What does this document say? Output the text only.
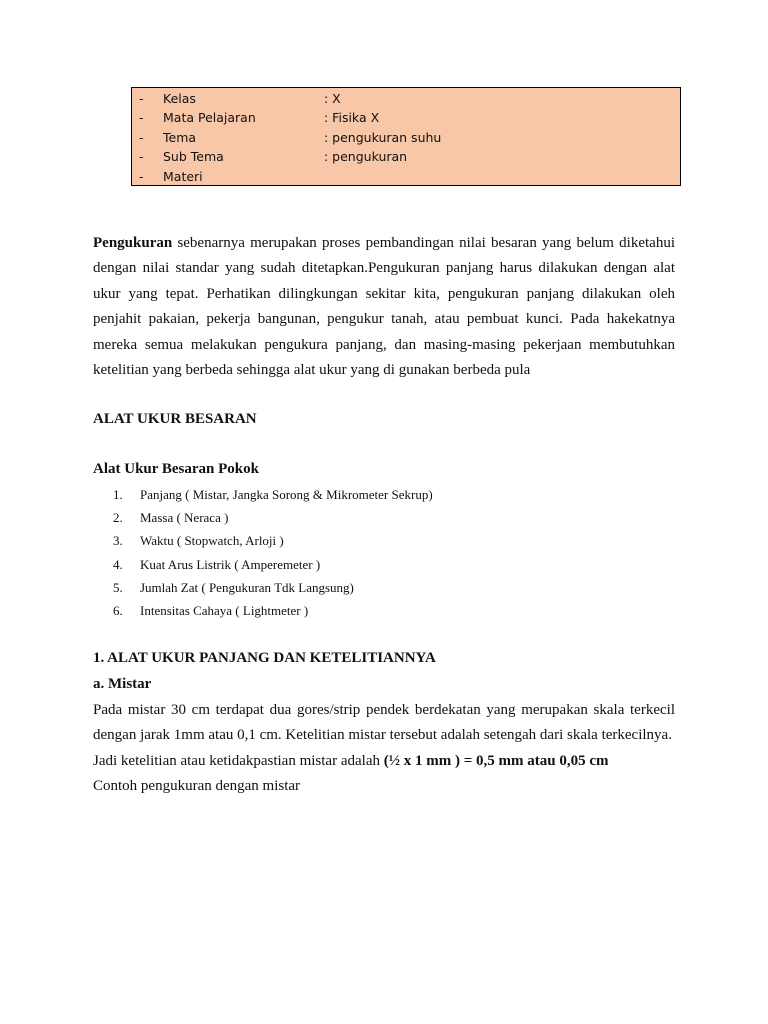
- Kelas	: X
- Mata Pelajaran	: Fisika X
- Tema	: pengukuran suhu
- Sub Tema	: pengukuran
- Materi
Pengukuran sebenarnya merupakan proses pembandingan nilai besaran yang belum diketahui dengan nilai standar yang sudah ditetapkan.Pengukuran panjang harus dilakukan dengan alat ukur yang tepat. Perhatikan dilingkungan sekitar kita, pengukuran panjang dilakukan oleh penjahit pakaian, pekerja bangunan, pengukur tanah, atau pembuat kunci. Pada hakekatnya mereka semua melakukan pengukura panjang, dan masing-masing pekerjaan membutuhkan ketelitian yang berbeda sehingga alat ukur yang di gunakan berbeda pula
ALAT UKUR BESARAN
Alat Ukur Besaran Pokok
1. Panjang ( Mistar, Jangka Sorong & Mikrometer Sekrup)
2. Massa ( Neraca )
3. Waktu ( Stopwatch, Arloji )
4. Kuat Arus Listrik ( Amperemeter )
5. Jumlah Zat ( Pengukuran Tdk Langsung)
6. Intensitas Cahaya ( Lightmeter )
1. ALAT UKUR PANJANG DAN KETELITIANNYA
a. Mistar
Pada mistar 30 cm terdapat dua gores/strip pendek berdekatan yang merupakan skala terkecil dengan jarak 1mm atau 0,1 cm. Ketelitian mistar tersebut adalah setengah dari skala terkecilnya.
Jadi ketelitian atau ketidakpastian mistar adalah (½ x 1 mm ) = 0,5 mm atau 0,05 cm
Contoh pengukuran dengan mistar
